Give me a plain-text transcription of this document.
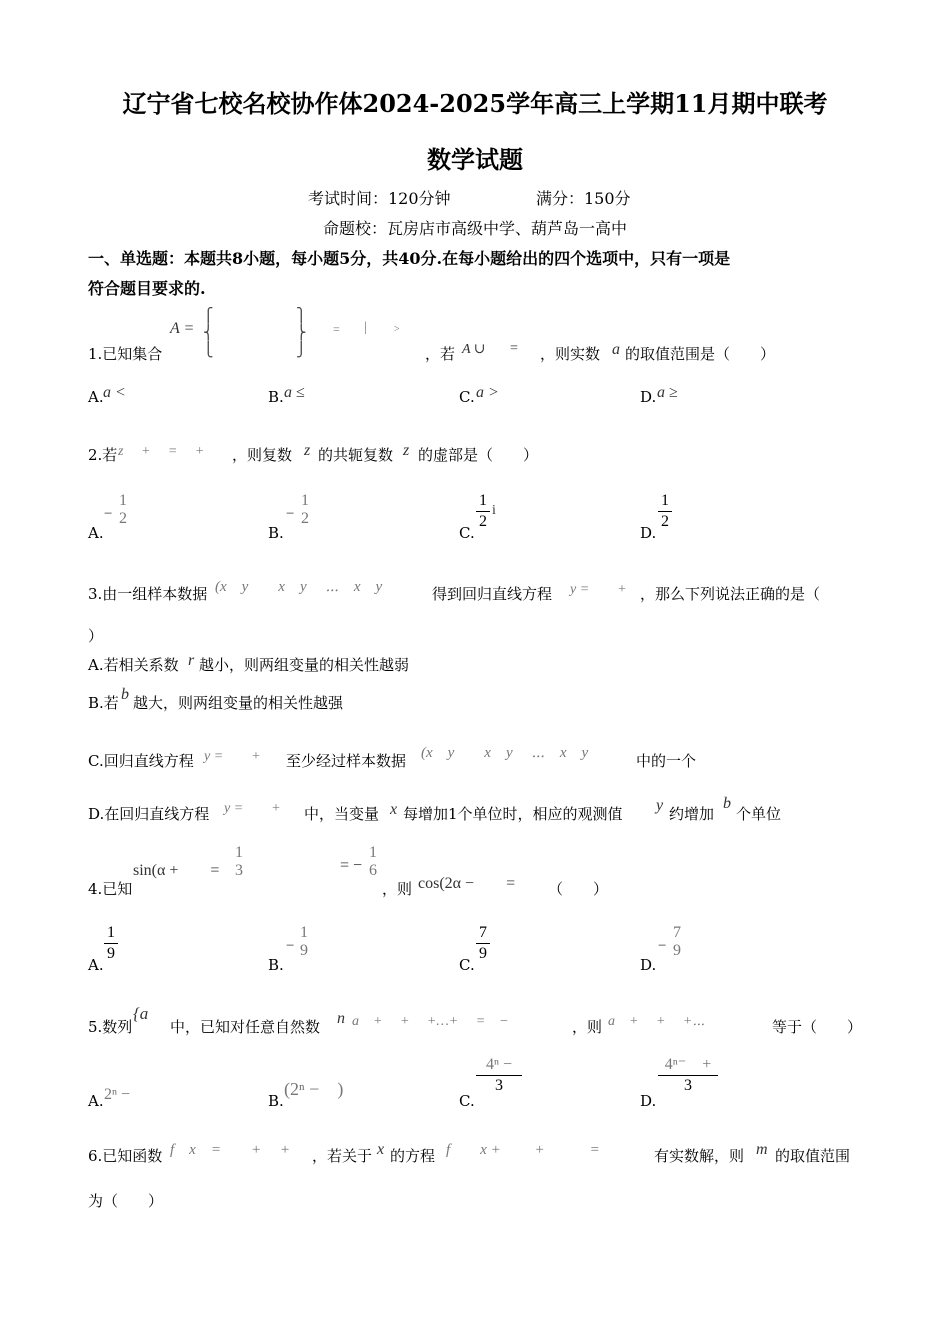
辽宁省七校名校协作体2024-2025学年高三上学期11月期中联考
数学试题
考试时间：120分钟	满分：150分
命题校：瓦房店市高级中学、葫芦岛一高中
一、单选题：本题共8小题，每小题5分，共40分.在每小题给出的四个选项中，只有一项是
符合题目要求的.
A =
⎧
⎨
⎩
⎫
⎬
⎭
= |	>
1.已知集合	，若 A ∪ = ，则实数 a 的取值范围是（　　）
A. a <	B. a ≤	C. a >	D. a ≥
2.若 z　 +　 =　 + ，则复数 z 的共轭复数 z 的虚部是（　　）
A.
−
1
2
B.
−
1
2
C.
1
2
i
D.
1
2
3.由一组样本数据 (x　y　　x　y　 ⋯　x　y	得到回归直线方程 y =　　+ ，那么下列说法正确的是（
）
A.若相关系数 r 越小，则两组变量的相关性越弱
B.若 b 越大，则两组变量的相关性越强
C.回归直线方程 y =　　+ 至少经过样本数据 (x　y　　x　y　 ⋯　x　y	中的一个
D.在回归直线方程 y =　　+ 中，当变量 x 每增加1个单位时，相应的观测值 y 约增加
b
个单位
4.已知
sin(α +　　=
1
3	= −
1
6
，则 cos(2α −　　= （　　）
A.
1
9
B.
−
1
9
C.
7
9
D.
−
7
9
5.数列
{a
中，已知对任意自然数 n a　+　 +　 +…+　 =　−	，则 a　+　 +　 +⋯	等于（　　）
A. 2ⁿ −	B.
(2ⁿ −　)
C.
4ⁿ −
3
D.
4ⁿ⁻　+
3
6.已知函数 f　x　=　　+　 + ，若关于 x 的方程 f　　x +　　 +　　　=	有实数解，则 m 的取值范围
为（　　）
